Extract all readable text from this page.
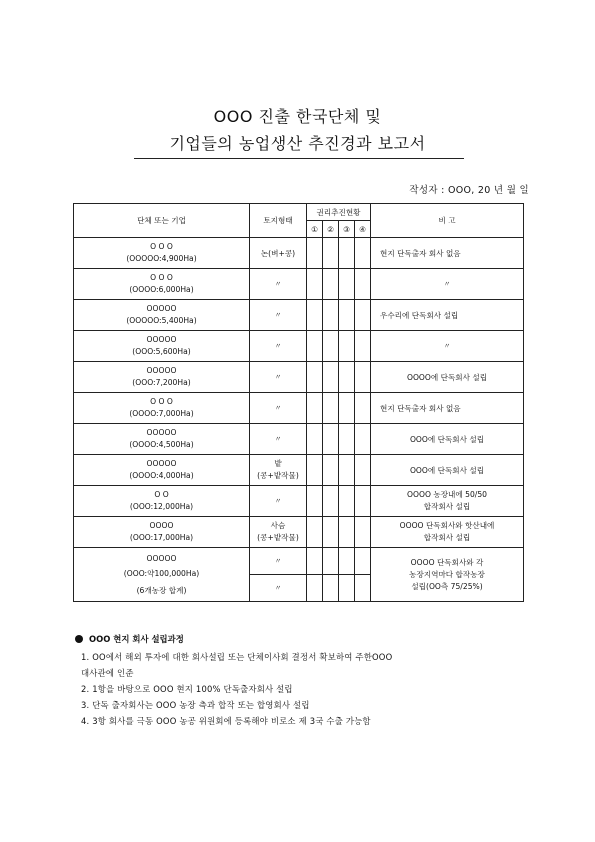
OOO 진출 한국단체 및
기업들의 농업생산 추진경과 보고서
작성자 : OOO, 20 년 월 일
단체 또는 기업	토지형태	권리추진현황				비 고
		①	②	③	④	

O O O
(OOOOO:4,900Ha)	논(벼+콩)					현지 단독출자 회사 없음

O O O
(OOOO:6,000Ha)	〃					〃

OOOOO
(OOOOO:5,400Ha)	〃					우수리에 단독회사 설립

OOOOO
(OOO:5,600Ha)	〃					〃

OOOOO
(OOO:7,200Ha)	〃					OOOO에 단독회사 설립

O O O
(OOOO:7,000Ha)	〃					현지 단독출자 회사 없음

OOOOO
(OOOO:4,500Ha)	〃					OOO에 단독회사 설립

OOOOO
(OOOO:4,000Ha)	밭
(콩+밭작물)					OOO에 단독회사 설립

O O
(OOO:12,000Ha)	〃					OOOO 농장내에 50/50
합작회사 설립

OOOO
(OOO:17,000Ha)	사슴
(콩+밭작물)					OOOO 단독회사와 핫산내에
합작회사 설립

OOOOO
(OOO:약100,000Ha)
(6개농장 합계)	〃					OOOO 단독회사와 각
농장지역마다 합작농장
설립(OO측 75/25%)

	〃					
OOO 현지 회사 설립과정
1. OO에서 해외 투자에 대한 회사설립 또는 단체이사회 결정서 확보하여 주한OOO
대사관에 인준
2. 1항을 바탕으로 OOO 현지 100% 단독출자회사 설립
3. 단독 출자회사는 OOO 농장 측과 합작 또는 합영회사 설립
4. 3항 회사를 극동 OOO 농공 위원회에 등록해야 비로소 제 3국 수출 가능함
